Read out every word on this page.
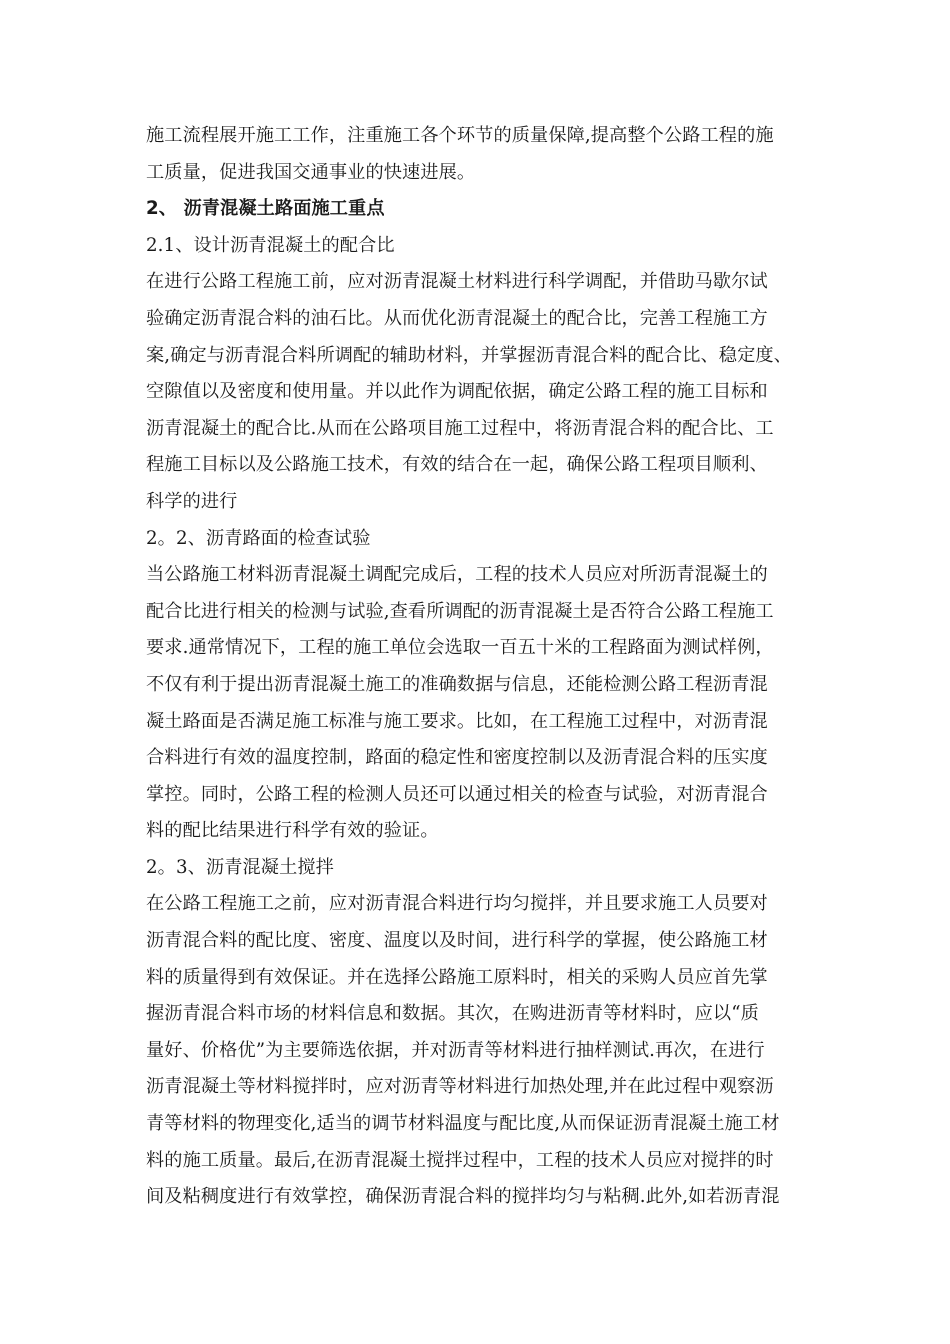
施工流程展开施工工作，注重施工各个环节的质量保障,提高整个公路工程的施
工质量，促进我国交通事业的快速进展。
2、 沥青混凝土路面施工重点
2.1、设计沥青混凝土的配合比
在进行公路工程施工前，应对沥青混凝土材料进行科学调配，并借助马歇尔试
验确定沥青混合料的油石比。从而优化沥青混凝土的配合比，完善工程施工方
案,确定与沥青混合料所调配的辅助材料，并掌握沥青混合料的配合比、稳定度、
空隙值以及密度和使用量。并以此作为调配依据，确定公路工程的施工目标和
沥青混凝土的配合比.从而在公路项目施工过程中，将沥青混合料的配合比、工
程施工目标以及公路施工技术，有效的结合在一起，确保公路工程项目顺利、
科学的进行
2。2、沥青路面的检查试验
当公路施工材料沥青混凝土调配完成后，工程的技术人员应对所沥青混凝土的
配合比进行相关的检测与试验,查看所调配的沥青混凝土是否符合公路工程施工
要求.通常情况下，工程的施工单位会选取一百五十米的工程路面为测试样例，
不仅有利于提出沥青混凝土施工的准确数据与信息，还能检测公路工程沥青混
凝土路面是否满足施工标准与施工要求。比如，在工程施工过程中，对沥青混
合料进行有效的温度控制，路面的稳定性和密度控制以及沥青混合料的压实度
掌控。同时，公路工程的检测人员还可以通过相关的检查与试验，对沥青混合
料的配比结果进行科学有效的验证。
2。3、沥青混凝土搅拌
在公路工程施工之前，应对沥青混合料进行均匀搅拌，并且要求施工人员要对
沥青混合料的配比度、密度、温度以及时间，进行科学的掌握，使公路施工材
料的质量得到有效保证。并在选择公路施工原料时，相关的采购人员应首先掌
握沥青混合料市场的材料信息和数据。其次，在购进沥青等材料时，应以“质
量好、价格优”为主要筛选依据，并对沥青等材料进行抽样测试.再次，在进行
沥青混凝土等材料搅拌时，应对沥青等材料进行加热处理,并在此过程中观察沥
青等材料的物理变化,适当的调节材料温度与配比度,从而保证沥青混凝土施工材
料的施工质量。最后,在沥青混凝土搅拌过程中，工程的技术人员应对搅拌的时
间及粘稠度进行有效掌控，确保沥青混合料的搅拌均匀与粘稠.此外,如若沥青混
